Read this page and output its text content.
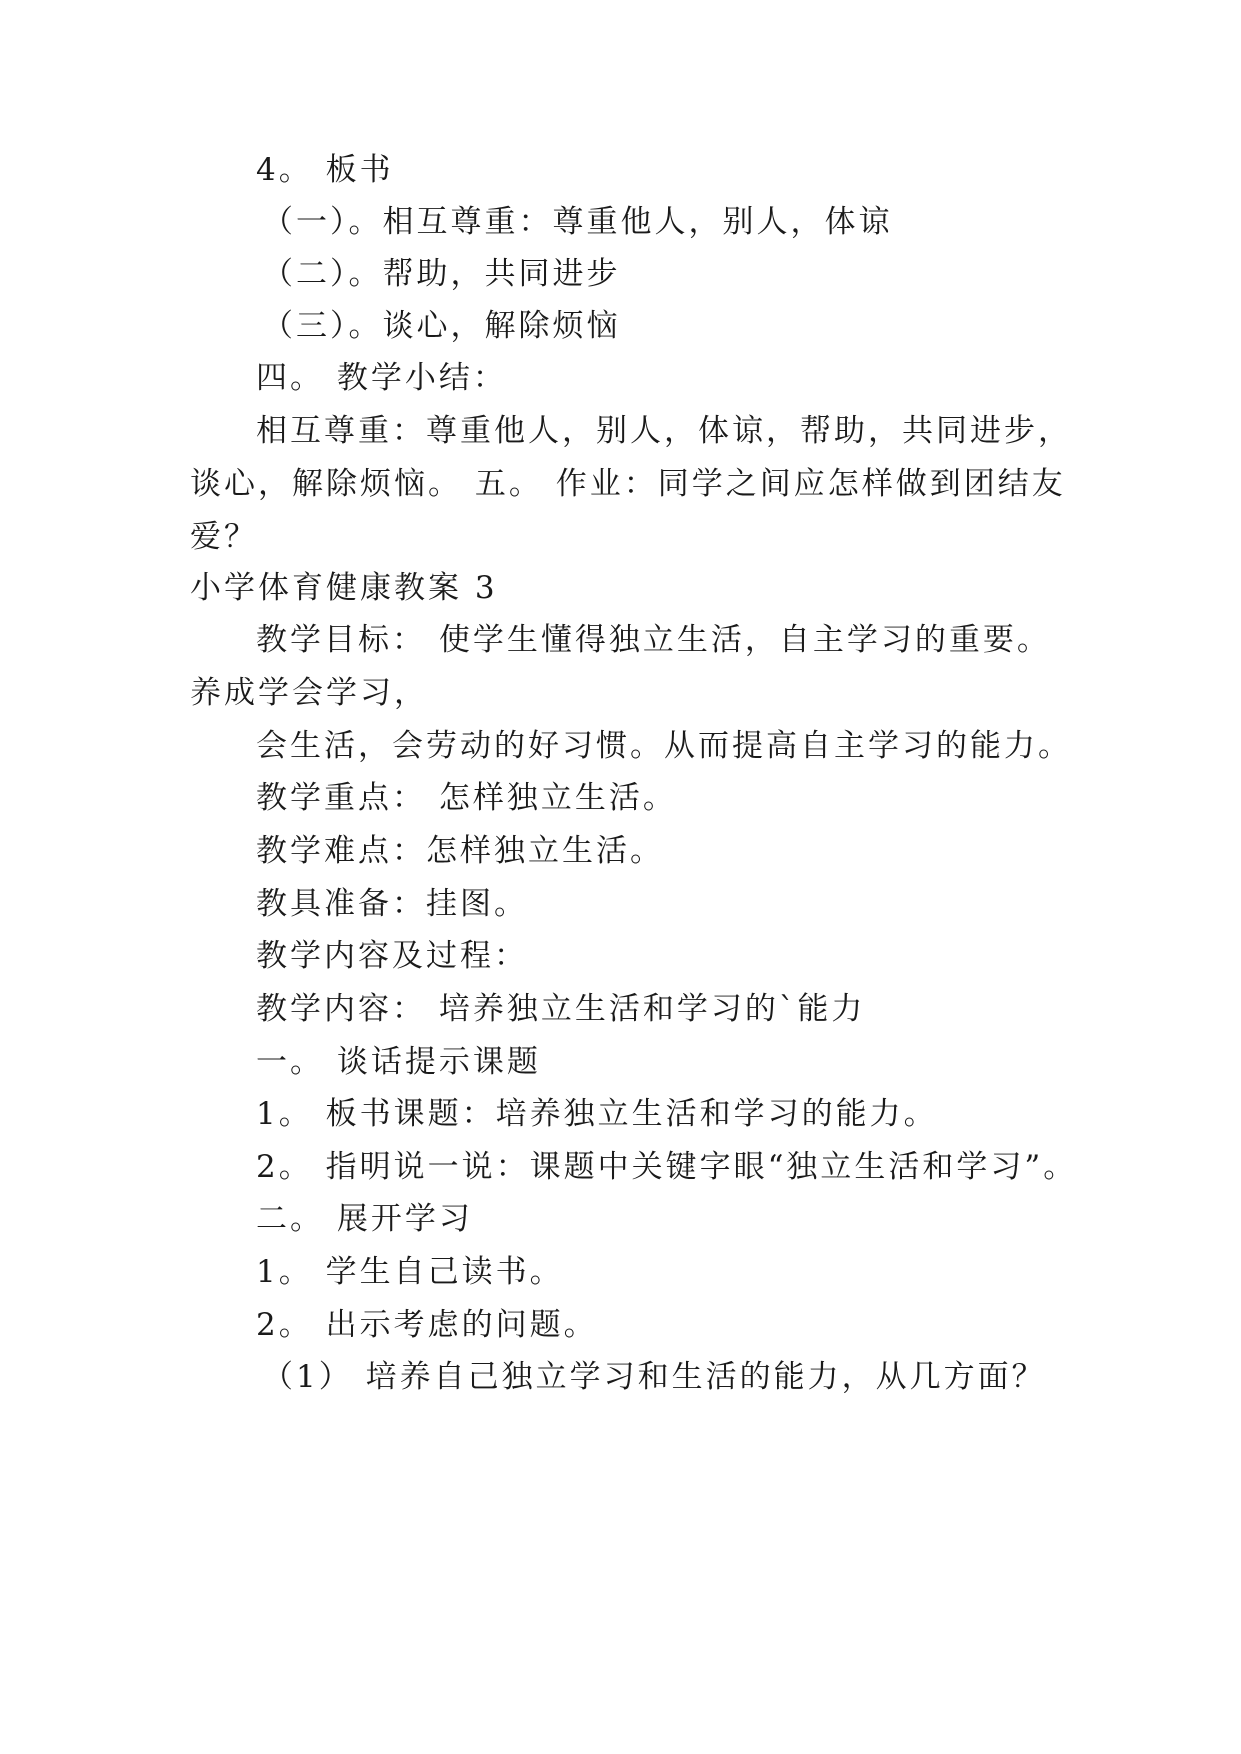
4。 板书
（一）。相互尊重：尊重他人，别人，体谅
（二）。帮助，共同进步
（三）。谈心，解除烦恼
四。 教学小结：
相互尊重：尊重他人，别人，体谅，帮助，共同进步，
谈心，解除烦恼。 五。 作业：同学之间应怎样做到团结友
爱？
小学体育健康教案 3
教学目标： 使学生懂得独立生活，自主学习的重要。
养成学会学习，
会生活，会劳动的好习惯。从而提高自主学习的能力。
教学重点： 怎样独立生活。
教学难点：怎样独立生活。
教具准备：挂图。
教学内容及过程：
教学内容： 培养独立生活和学习的`能力
一。 谈话提示课题
1。 板书课题：培养独立生活和学习的能力。
2。 指明说一说：课题中关键字眼“独立生活和学习”。
二。 展开学习
1。 学生自己读书。
2。 出示考虑的问题。
（1） 培养自己独立学习和生活的能力，从几方面？
